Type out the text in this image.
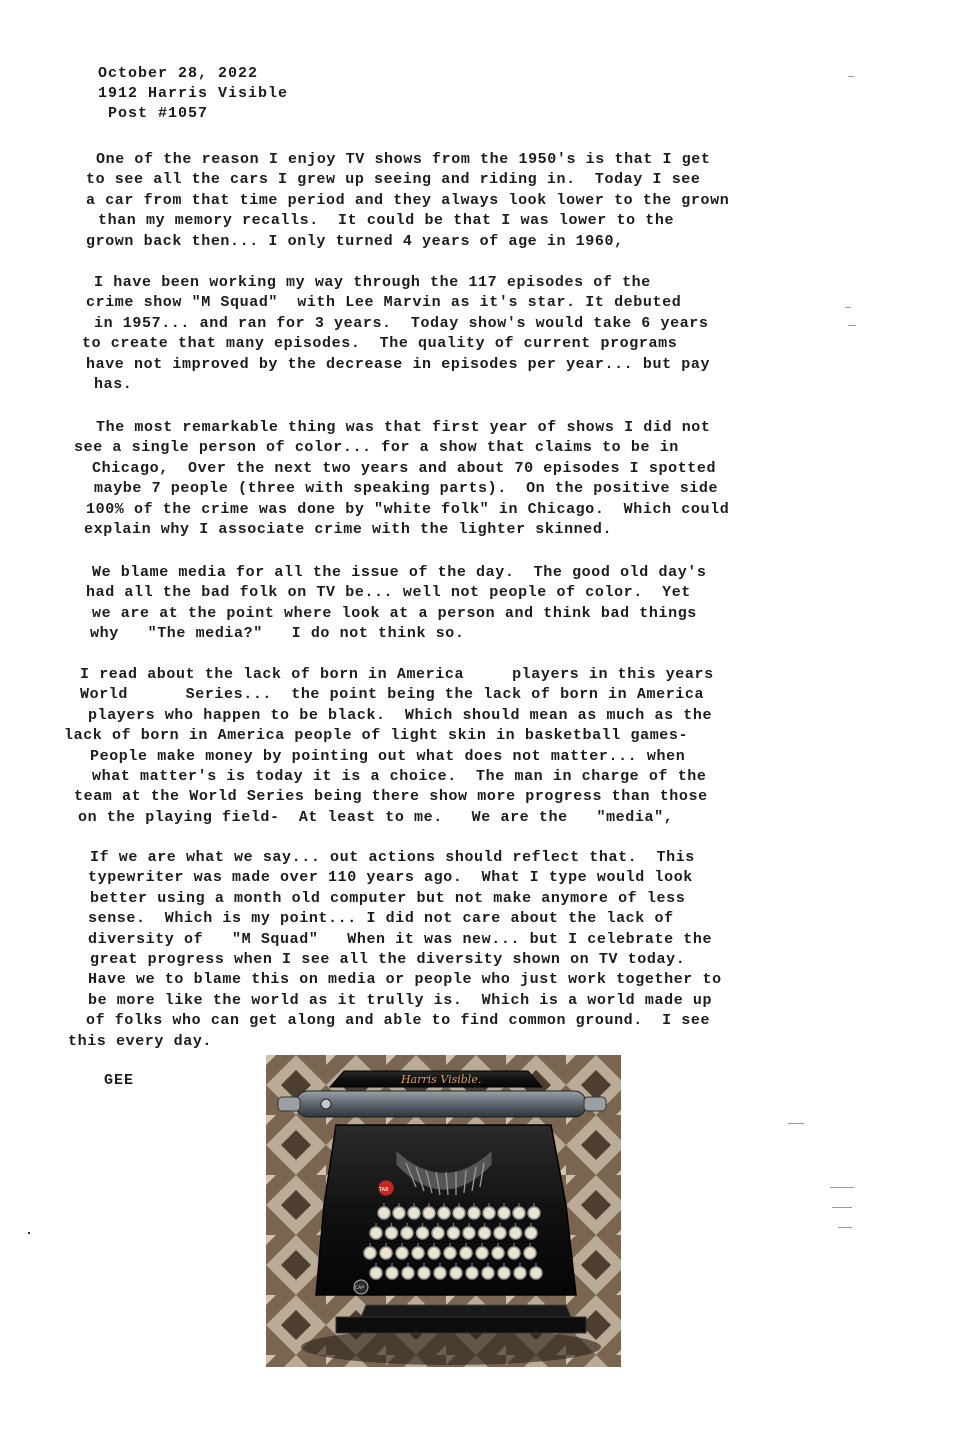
October 28, 2022
1912 Harris Visible
Post #1057
One of the reason I enjoy TV shows from the 1950's is that I get
to see all the cars I grew up seeing and riding in.  Today I see
a car from that time period and they always look lower to the grown
than my memory recalls.  It could be that I was lower to the
grown back then... I only turned 4 years of age in 1960,
I have been working my way through the 117 episodes of the
crime show "M Squad"  with Lee Marvin as it's star. It debuted
in 1957... and ran for 3 years.  Today show's would take 6 years
to create that many episodes.  The quality of current programs
have not improved by the decrease in episodes per year... but pay
has.
The most remarkable thing was that first year of shows I did not
see a single person of color... for a show that claims to be in
Chicago,  Over the next two years and about 70 episodes I spotted
maybe 7 people (three with speaking parts).  On the positive side
100% of the crime was done by "white folk" in Chicago.  Which could
explain why I associate crime with the lighter skinned.
We blame media for all the issue of the day.  The good old day's
had all the bad folk on TV be... well not people of color.  Yet
we are at the point where look at a person and think bad things
why   "The media?"   I do not think so.
I read about the lack of born in America     players in this years
World      Series...  the point being the lack of born in America
players who happen to be black.  Which should mean as much as the
lack of born in America people of light skin in basketball games-
People make money by pointing out what does not matter... when
what matter's is today it is a choice.  The man in charge of the
team at the World Series being there show more progress than those
on the playing field-  At least to me.   We are the   "media",
If we are what we say... out actions should reflect that.  This
typewriter was made over 110 years ago.  What I type would look
better using a month old computer but not make anymore of less
sense.  Which is my point... I did not care about the lack of
diversity of   "M Squad"   When it was new... but I celebrate the
great progress when I see all the diversity shown on TV today.
Have we to blame this on media or people who just work together to
be more like the world as it trully is.  Which is a world made up
of folks who can get along and able to find common ground.  I see
this every day.
GEE	Harris Visible.
TAB
CAP
